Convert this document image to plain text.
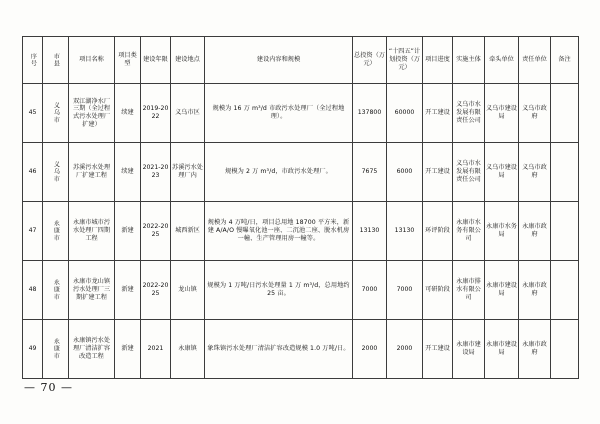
序号	市县	项目名称	项目类型	建设年限	建设地点	建设内容和规模	总投资（万元）	“十四五”计划投资（万元）	项目进度	实施主体	牵头单位	责任单位	备注
45	义乌市	双江湖净水厂三期（全过程式污水处理厂扩建）	续建	2019-2022	义乌市区	规模为 16 万 m³/d 市政污水处理厂（全过程地理）。	137800	60000	开工建设	义乌市水发展有限责任公司	义乌市建设局	义乌市政府	
46	义乌市	苏溪污水处理厂扩建工程	续建	2021-2023	苏溪污水处理厂内	规模为 2 万 m³/d，市政污水处理厂。	7675	6000	开工建设	义乌市水发展有限责任公司	义乌市建设局	义乌市政府	
47	永康市	永康市城市污水处理厂四期工程	新建	2022-2025	城西新区	规模为 4 万吨/日，项目总用地 18700 平方米，新建 A/A/O 慢曝氧化池一座、二沉池二座、脱水机房一幢、生产管理用房一幢等。	13130	13130	环评阶段	永康市水务有限公司	永康市水务局	永康市政府	
48	永康市	永康市龙山镇污水处理厂三期扩建工程	新建	2022-2025	龙山镇	规模为 1 万吨/日污水处理量 1 万 m³/d，总用地约 25 亩。	7000	7000	可研阶段	永康市排水有限公司	永康市建设局	永康市政府	
49	永康市	永康镇污水处理厂清洁扩容改造工程	新建	2021	永康镇	象珠镇污水处理厂清洁扩容改造规模 1.0 万吨/日。	2000	2000	开工建设	永康市建设局	永康市建设局	永康市政府	
— 70 —
